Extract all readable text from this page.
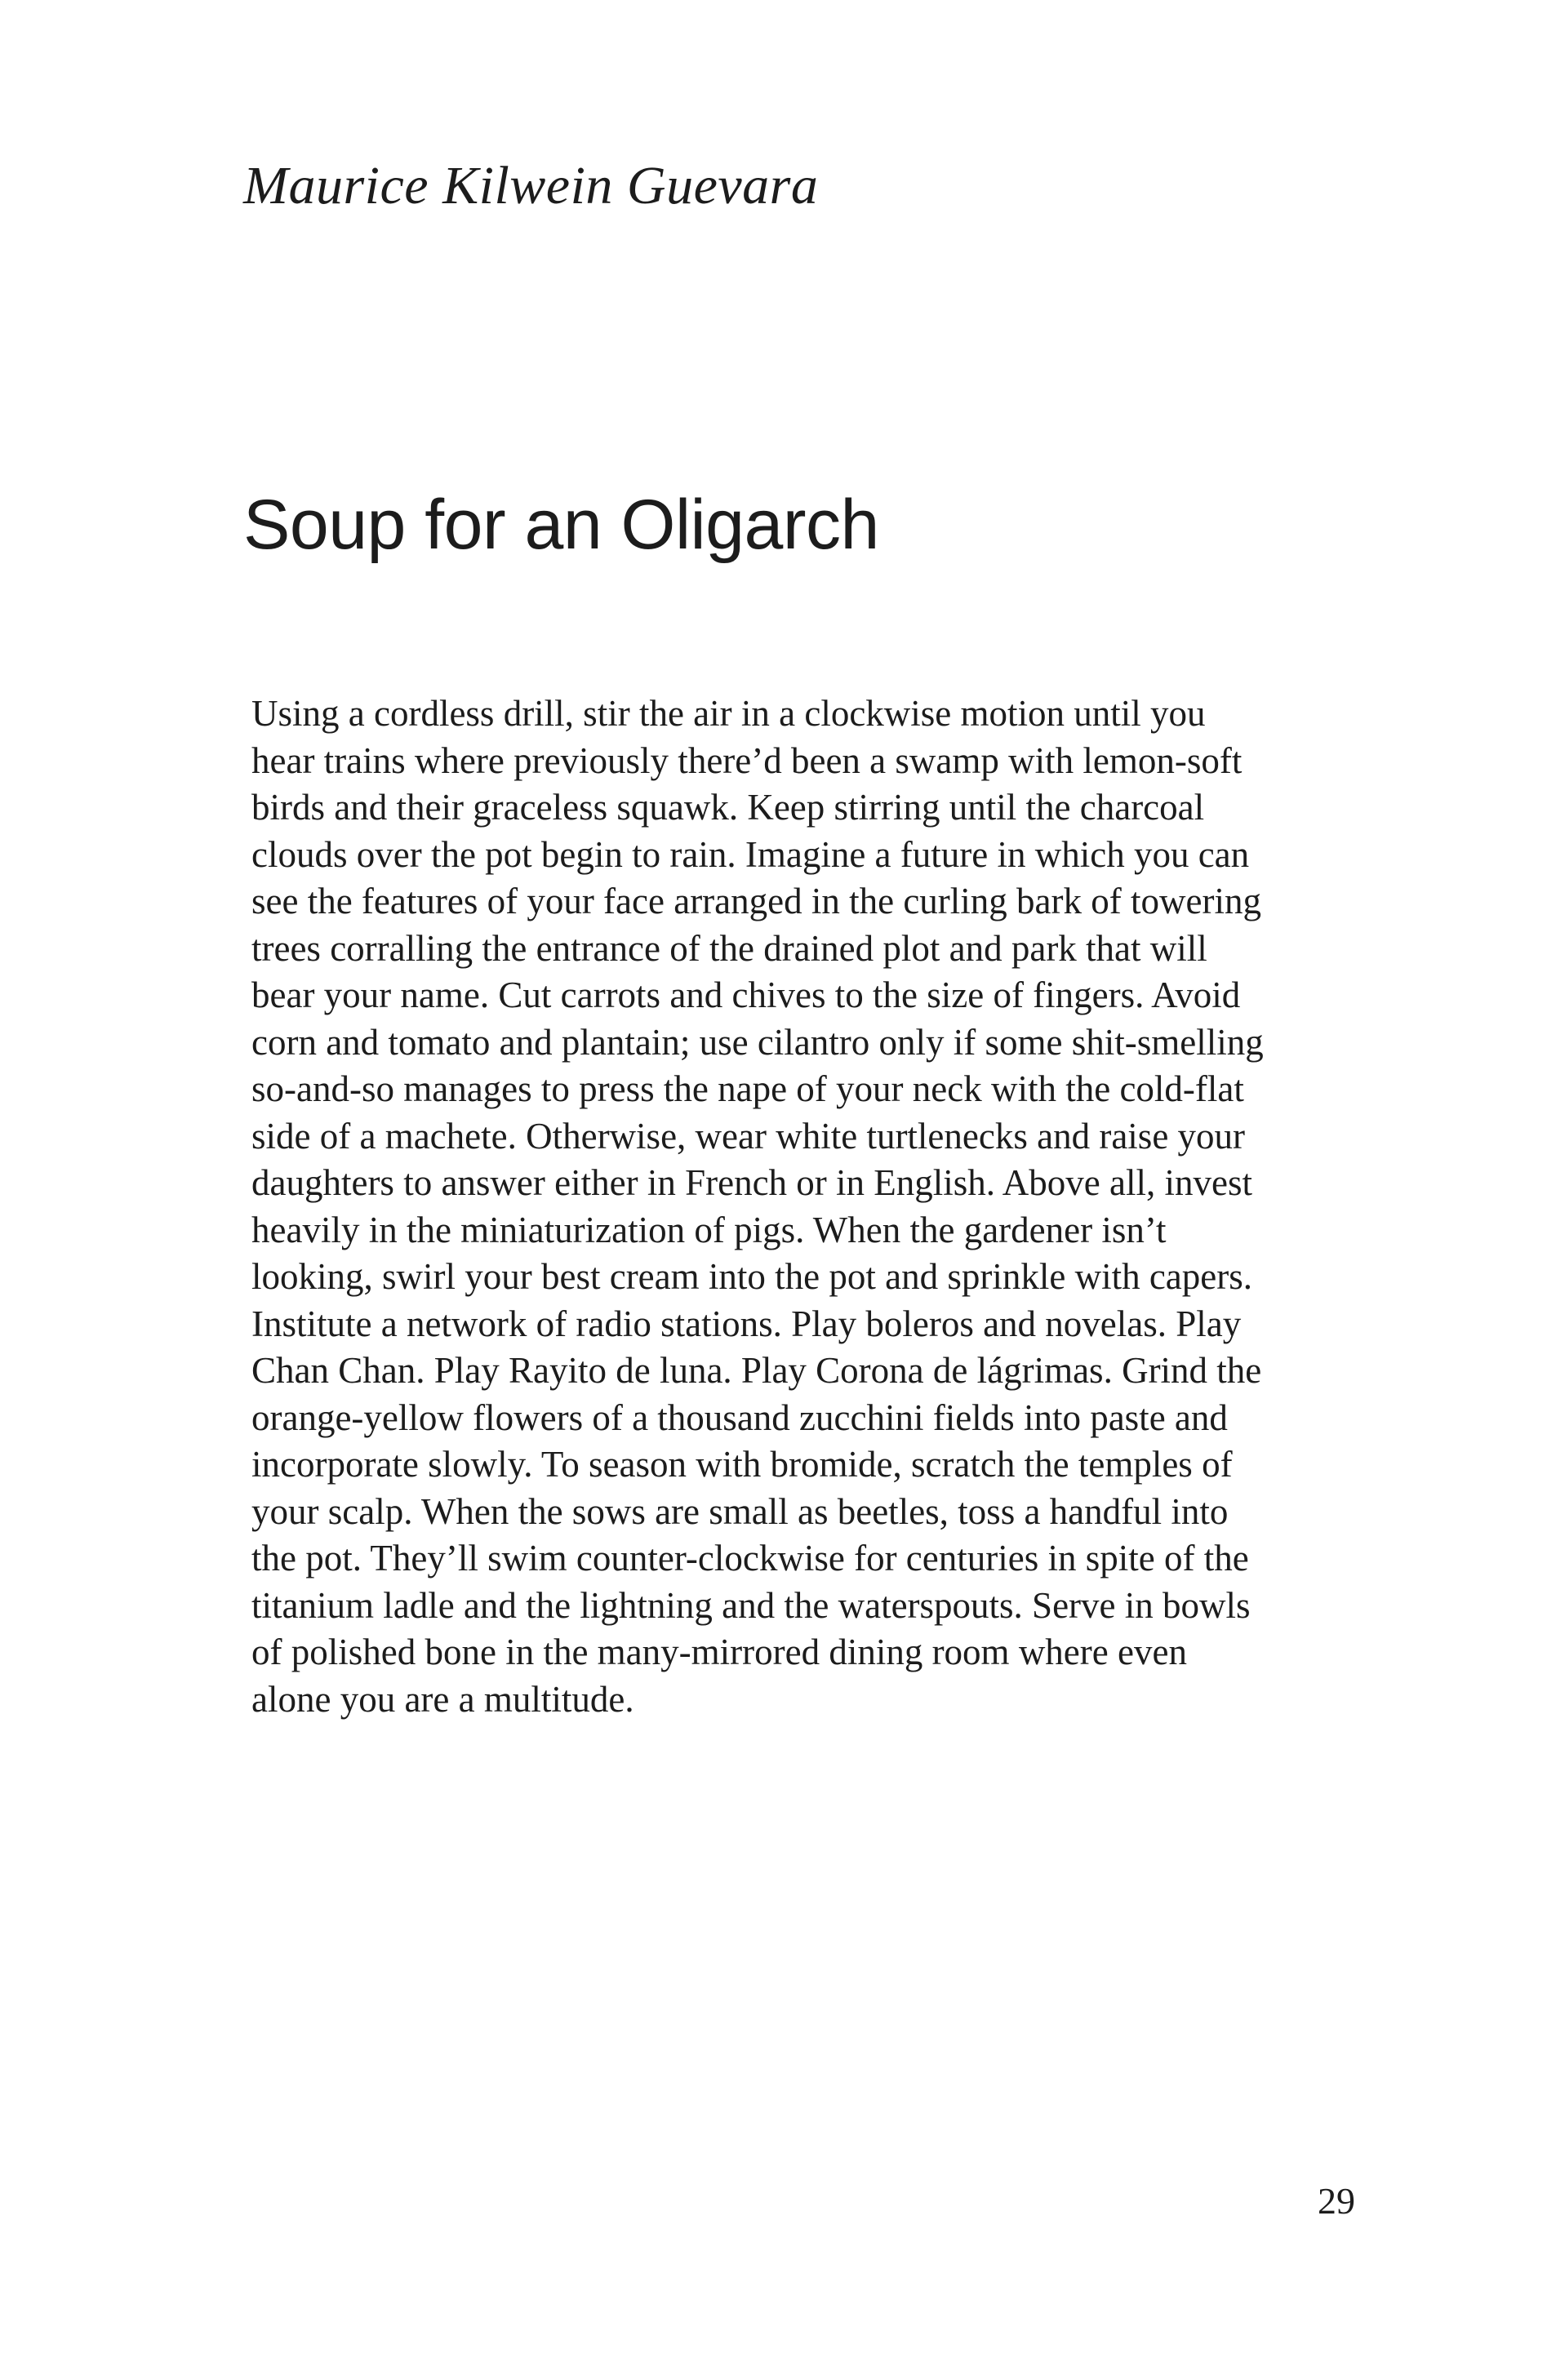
Maurice Kilwein Guevara
Soup for an Oligarch
Using a cordless drill, stir the air in a clockwise motion until you
hear trains where previously there’d been a swamp with lemon-soft
birds and their graceless squawk. Keep stirring until the charcoal
clouds over the pot begin to rain. Imagine a future in which you can
see the features of your face arranged in the curling bark of towering
trees corralling the entrance of the drained plot and park that will
bear your name. Cut carrots and chives to the size of fingers. Avoid
corn and tomato and plantain; use cilantro only if some shit-smelling
so-and-so manages to press the nape of your neck with the cold-flat
side of a machete. Otherwise, wear white turtlenecks and raise your
daughters to answer either in French or in English. Above all, invest
heavily in the miniaturization of pigs. When the gardener isn’t
looking, swirl your best cream into the pot and sprinkle with capers.
Institute a network of radio stations. Play boleros and novelas. Play
Chan Chan. Play Rayito de luna. Play Corona de lágrimas. Grind the
orange-yellow flowers of a thousand zucchini fields into paste and
incorporate slowly. To season with bromide, scratch the temples of
your scalp. When the sows are small as beetles, toss a handful into
the pot. They’ll swim counter-clockwise for centuries in spite of the
titanium ladle and the lightning and the waterspouts. Serve in bowls
of polished bone in the many-mirrored dining room where even
alone you are a multitude.
29
